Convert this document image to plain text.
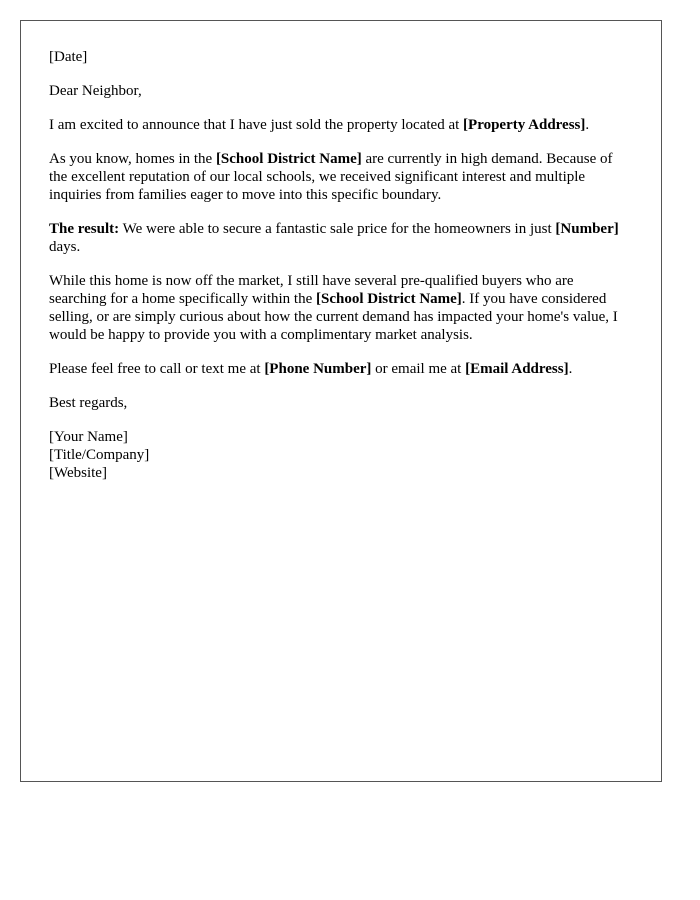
[Date]

Dear Neighbor,

I am excited to announce that I have just sold the property located at [Property Address].

As you know, homes in the [School District Name] are currently in high demand. Because of the excellent reputation of our local schools, we received significant interest and multiple inquiries from families eager to move into this specific boundary.

The result: We were able to secure a fantastic sale price for the homeowners in just [Number] days.

While this home is now off the market, I still have several pre-qualified buyers who are searching for a home specifically within the [School District Name]. If you have considered selling, or are simply curious about how the current demand has impacted your home's value, I would be happy to provide you with a complimentary market analysis.

Please feel free to call or text me at [Phone Number] or email me at [Email Address].

Best regards,

[Your Name]

[Title/Company]

[Website]
